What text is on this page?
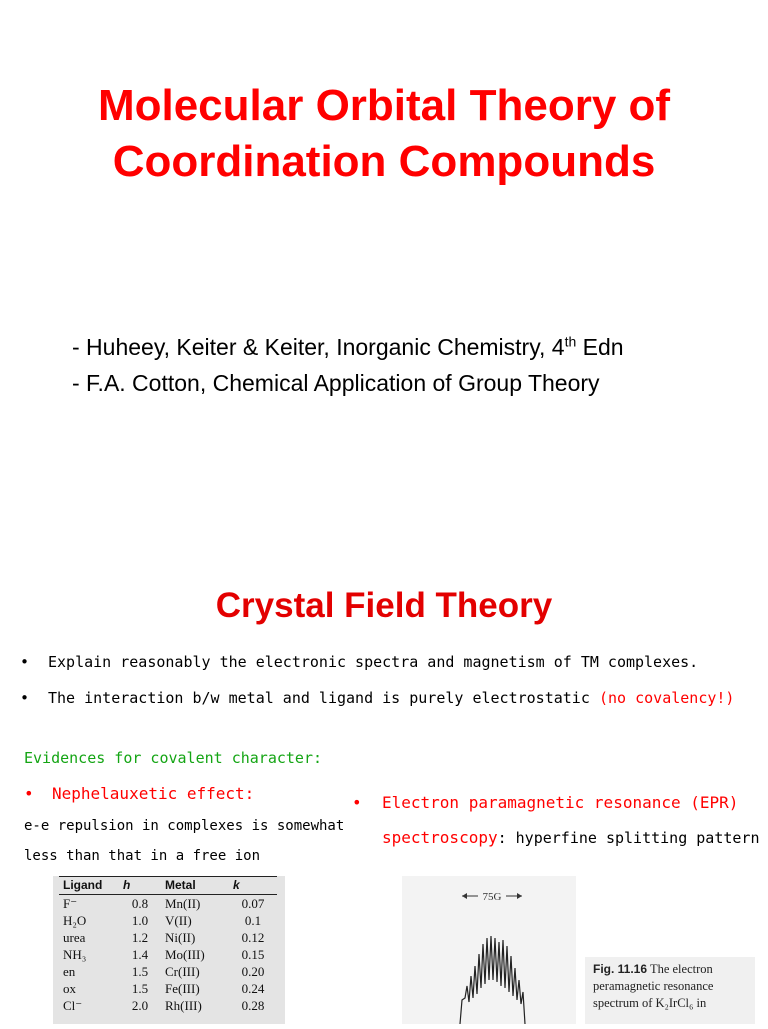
Molecular Orbital Theory of
Coordination Compounds
- Huheey, Keiter & Keiter, Inorganic Chemistry, 4th Edn
- F.A. Cotton, Chemical Application of Group Theory
Crystal Field Theory
• Explain reasonably the electronic spectra and magnetism of TM complexes.
• The interaction b/w metal and ligand is purely electrostatic (no covalency!)
Evidences for covalent character:
• Nephelauxetic effect:
e-e repulsion in complexes is somewhat
less than that in a free ion
• Electron paramagnetic resonance (EPR)
spectroscopy: hyperfine splitting pattern
Ligand	h	Metal	k
F⁻	0.8	Mn(II)	0.07
H₂O	1.0	V(II)	0.1
urea	1.2	Ni(II)	0.12
NH₃	1.4	Mo(III)	0.15
en	1.5	Cr(III)	0.20
ox	1.5	Fe(III)	0.24
Cl⁻	2.0	Rh(III)	0.28
75G
Fig. 11.16 The electron
peramagnetic resonance
spectrum of K₂IrCl₆ in
